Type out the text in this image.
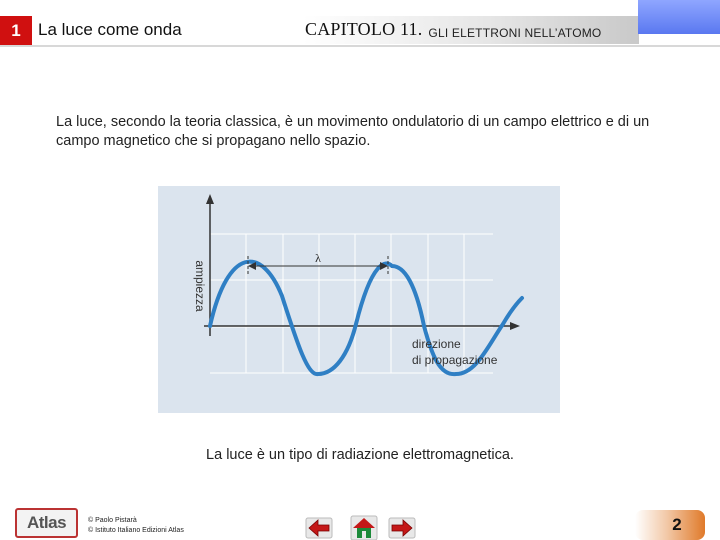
1	La luce come onda	CAPITOLO 11. GLI ELETTRONI NELL’ATOMO

La luce, secondo la teoria classica, è un movimento ondulatorio di un campo elettrico e di un campo magnetico che si propagano nello spazio.

λ
ampiezza
direzione
di propagazione
La luce è un tipo di radiazione elettromagnetica.
Atlas	© Paolo Pistarà
© Istituto Italiano Edizioni Atlas	2
